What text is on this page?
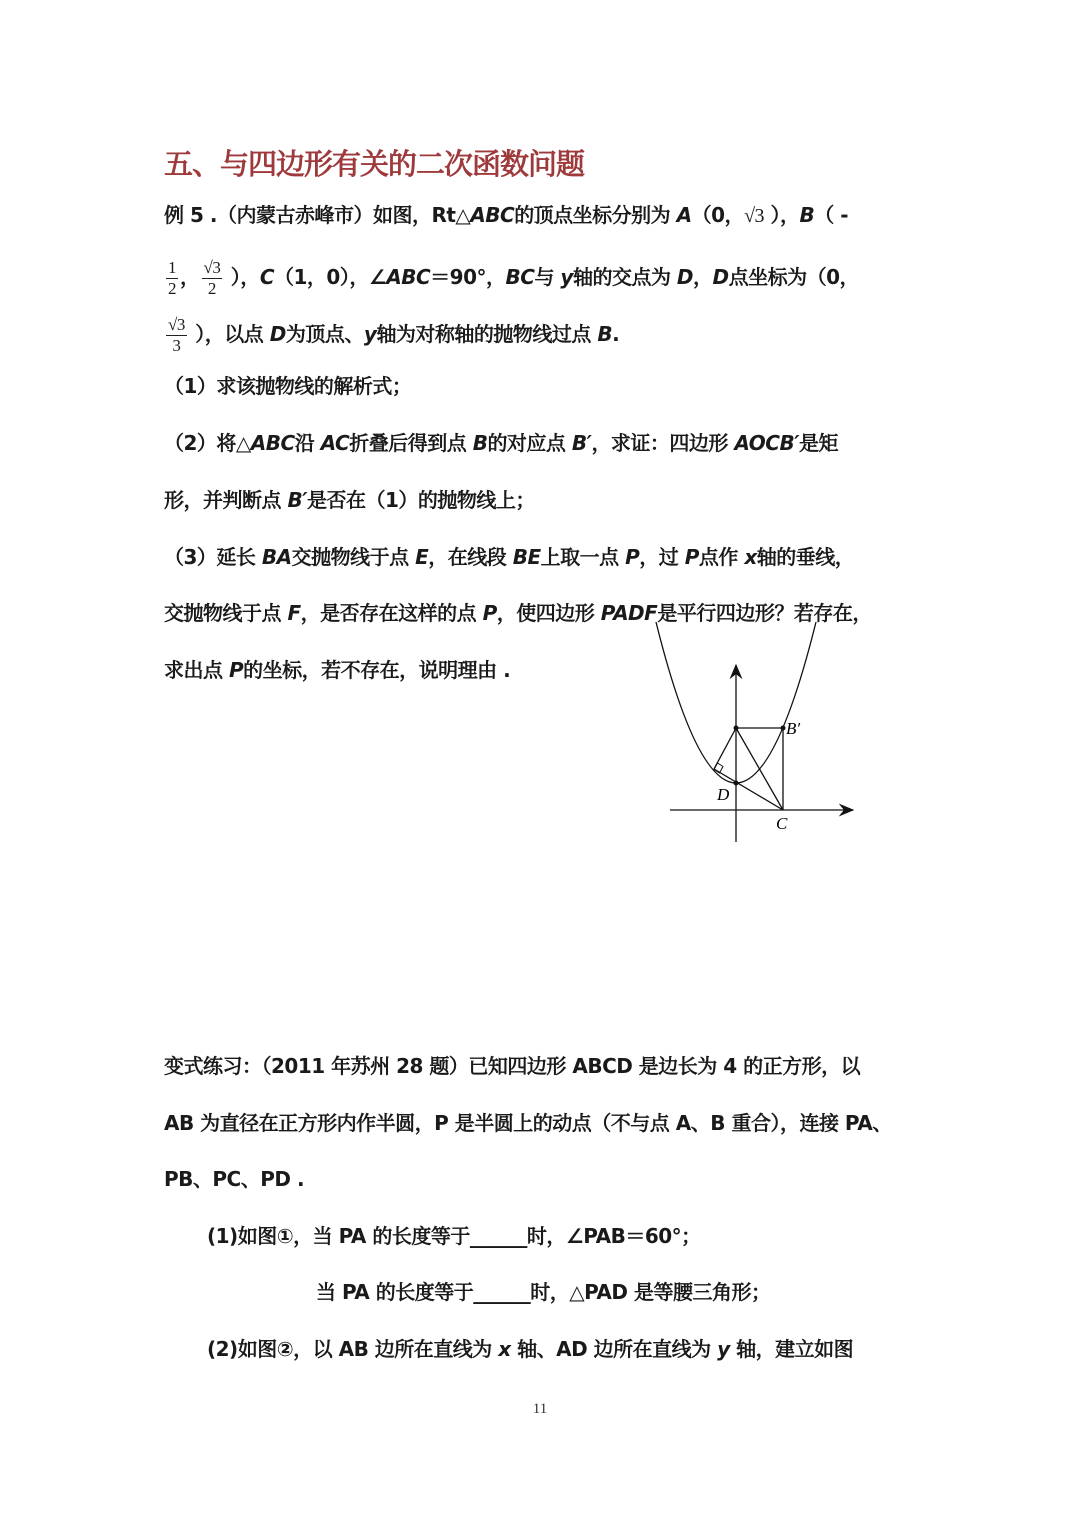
五、与四边形有关的二次函数问题
例 5 .（内蒙古赤峰市）如图，Rt△ABC的顶点坐标分别为 A（0，√3 ），B（ -
$\frac{1}{2}$ ， $\frac{√3}{2}$ ），C（1，0），∠ABC＝90°，BC与 y轴的交点为 D，D点坐标为（0，
$\frac{√3}{3}$ ），以点 D为顶点、y轴为对称轴的抛物线过点 B.
（1）求该抛物线的解析式；
（2）将△ABC沿 AC折叠后得到点 B的对应点 B′，求证：四边形 AOCB′是矩
形，并判断点 B′是否在（1）的抛物线上；
（3）延长 BA交抛物线于点 E，在线段 BE上取一点 P，过 P点作 x轴的垂线，
交抛物线于点 F，是否存在这样的点 P，使四边形 PADF是平行四边形？若存在，
求出点 P的坐标，若不存在，说明理由 .
变式练习：（2011 年苏州 28 题）已知四边形 ABCD 是边长为 4 的正方形，以
AB 为直径在正方形内作半圆，P 是半圆上的动点（不与点 A、B 重合），连接 PA、
PB、PC、PD .
(1)如图①，当 PA 的长度等于______时，∠PAB＝60°；
当 PA 的长度等于______时，△PAD 是等腰三角形；
(2)如图②，以 AB 边所在直线为 x 轴、AD 边所在直线为 y 轴，建立如图
B′
D
C
11
